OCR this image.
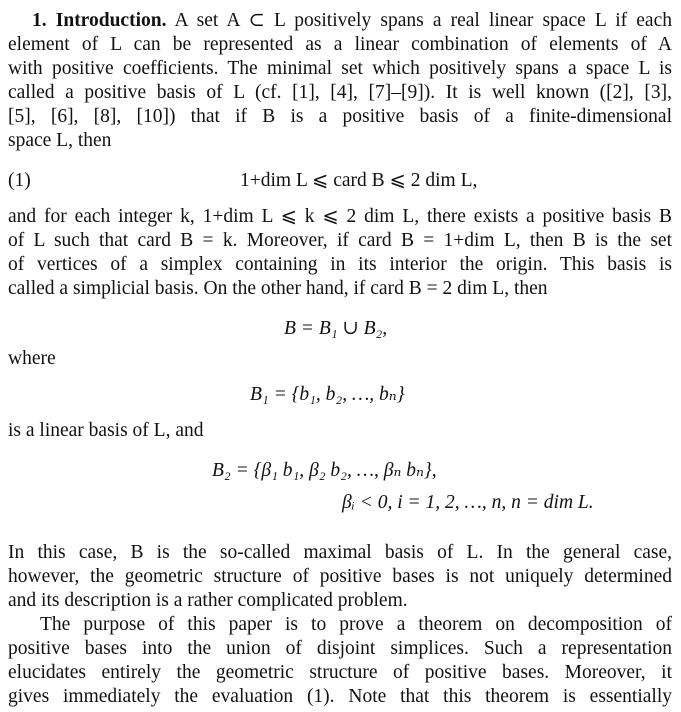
1. Introduction. A set A ⊂ L positively spans a real linear space L if each
element of L can be represented as a linear combination of elements of A
with positive coefficients. The minimal set which positively spans a space L is
called a positive basis of L (cf. [1], [4], [7]–[9]). It is well known ([2], [3],
[5], [6], [8], [10]) that if B is a positive basis of a finite-dimensional
space L, then
(1)	1+dim L ⩽ card B ⩽ 2 dim L,
and for each integer k, 1+dim L ⩽ k ⩽ 2 dim L, there exists a positive basis B
of L such that card B = k. Moreover, if card B = 1+dim L, then B is the set
of vertices of a simplex containing in its interior the origin. This basis is
called a simplicial basis. On the other hand, if card B = 2 dim L, then
B = B₁ ∪ B₂,
where
B₁ = {b₁, b₂, …, bₙ}
is a linear basis of L, and
B₂ = {β₁ b₁, β₂ b₂, …, βₙ bₙ},
βᵢ < 0, i = 1, 2, …, n, n = dim L.
In this case, B is the so-called maximal basis of L. In the general case,
however, the geometric structure of positive bases is not uniquely determined
and its description is a rather complicated problem.
The purpose of this paper is to prove a theorem on decomposition of
positive bases into the union of disjoint simplices. Such a representation
elucidates entirely the geometric structure of positive bases. Moreover, it
gives immediately the evaluation (1). Note that this theorem is essentially
